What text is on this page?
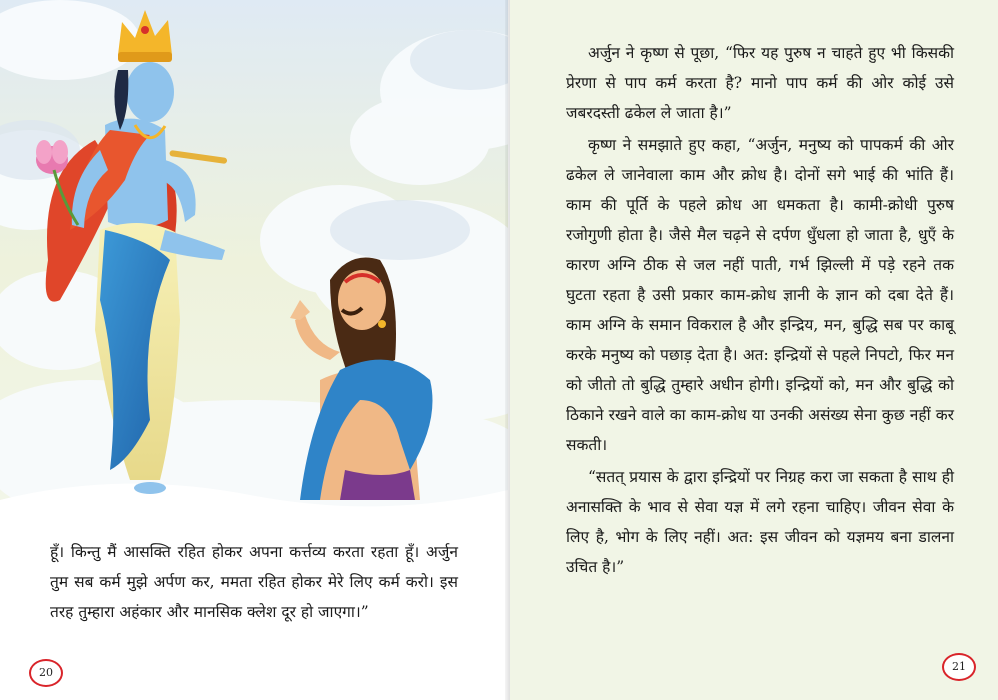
हूँ। किन्तु मैं आसक्ति रहित होकर अपना कर्त्तव्य करता रहता हूँ। अर्जुन तुम सब कर्म मुझे अर्पण कर, ममता रहित होकर मेरे लिए कर्म करो। इस तरह तुम्हारा अहंकार और मानसिक क्लेश दूर हो जाएगा।”

20

अर्जुन ने कृष्ण से पूछा, “फिर यह पुरुष न चाहते हुए भी किसकी प्रेरणा से पाप कर्म करता है? मानो पाप कर्म की ओर कोई उसे जबरदस्ती ढकेल ले जाता है।”

कृष्ण ने समझाते हुए कहा, “अर्जुन, मनुष्य को पापकर्म की ओर ढकेल ले जानेवाला काम और क्रोध है। दोनों सगे भाई की भांति हैं। काम की पूर्ति के पहले क्रोध आ धमकता है। कामी-क्रोधी पुरुष रजोगुणी होता है। जैसे मैल चढ़ने से दर्पण धुँधला हो जाता है, धुएँ के कारण अग्नि ठीक से जल नहीं पाती, गर्भ झिल्ली में पड़े रहने तक घुटता रहता है उसी प्रकार काम-क्रोध ज्ञानी के ज्ञान को दबा देते हैं। काम अग्नि के समान विकराल है और इन्द्रिय, मन, बुद्धि सब पर काबू करके मनुष्य को पछाड़ देता है। अत: इन्द्रियों से पहले निपटो, फिर मन को जीतो तो बुद्धि तुम्हारे अधीन होगी। इन्द्रियों को, मन और बुद्धि को ठिकाने रखने वाले का काम-क्रोध या उनकी असंख्य सेना कुछ नहीं कर सकती।

“सतत् प्रयास के द्वारा इन्द्रियों पर निग्रह करा जा सकता है साथ ही अनासक्ति के भाव से सेवा यज्ञ में लगे रहना चाहिए। जीवन सेवा के लिए है, भोग के लिए नहीं। अत: इस जीवन को यज्ञमय बना डालना उचित है।”

21
